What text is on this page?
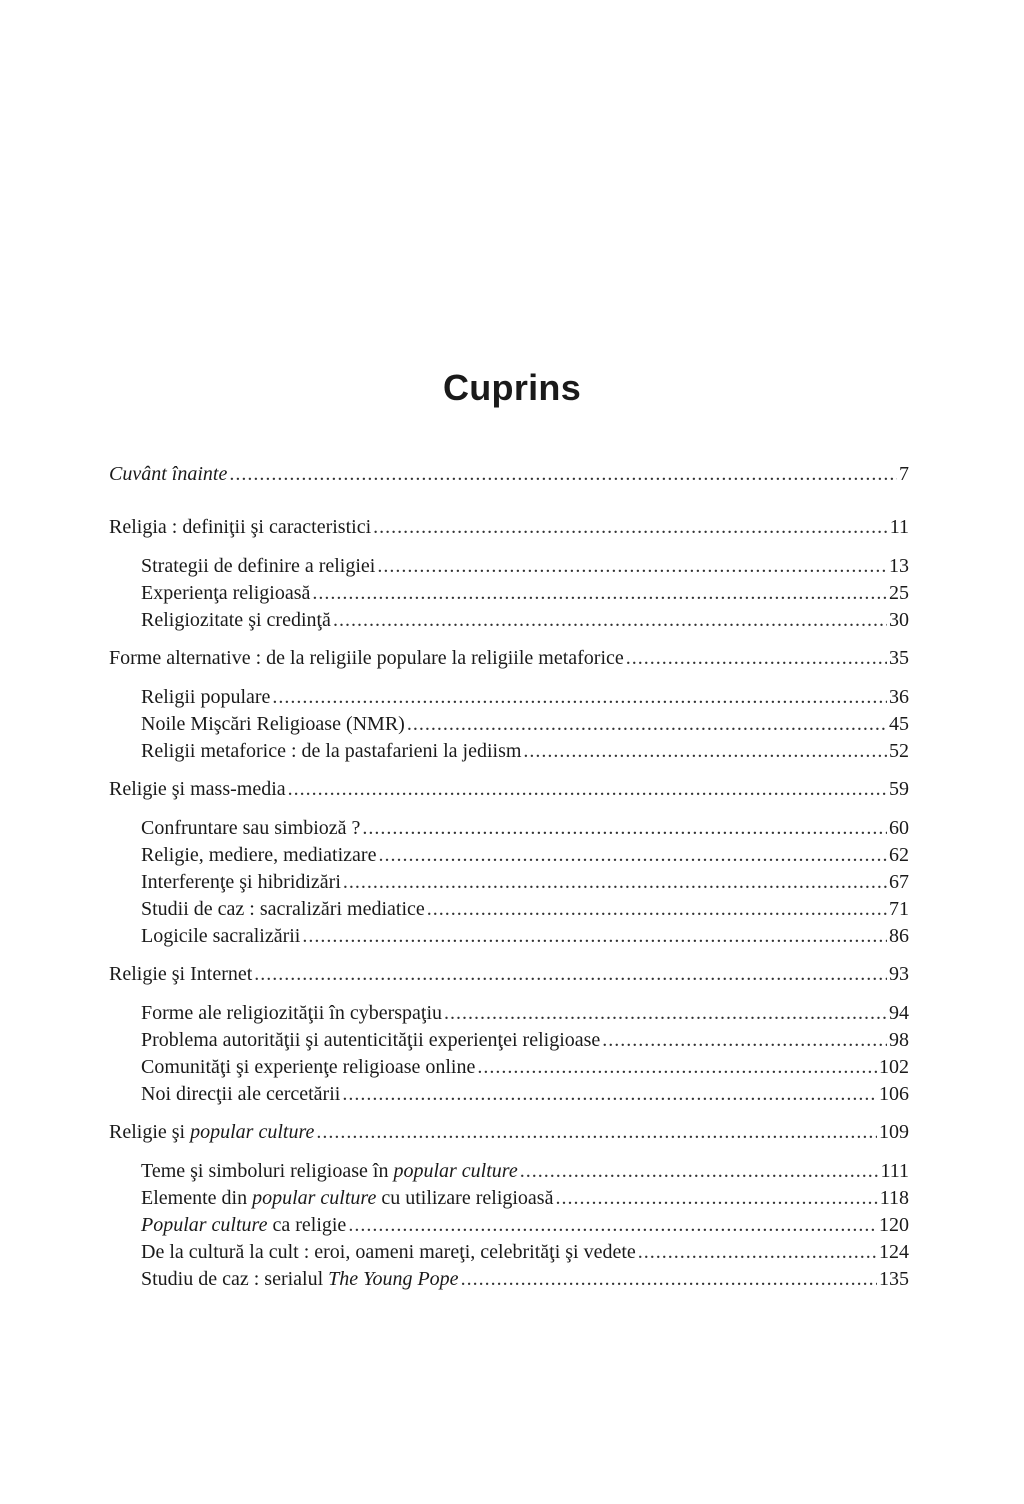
Cuprins
Cuvânt înainte .....	7
Religia : definiţii şi caracteristici .....	11
Strategii de definire a religiei .....	13
Experienţa religioasă .....	25
Religiozitate şi credinţă .....	30
Forme alternative : de la religiile populare la religiile metaforice .....	35
Religii populare .....	36
Noile Mişcări Religioase (NMR) .....	45
Religii metaforice : de la pastafarieni la jediism .....	52
Religie şi mass-media .....	59
Confruntare sau simbioză ? .....	60
Religie, mediere, mediatizare .....	62
Interferenţe şi hibridizări .....	67
Studii de caz : sacralizări mediatice .....	71
Logicile sacralizării .....	86
Religie şi Internet .....	93
Forme ale religiozităţii în cyberspaţiu .....	94
Problema autorităţii şi autenticităţii experienţei religioase .....	98
Comunităţi şi experienţe religioase online .....	102
Noi direcţii ale cercetării .....	106
Religie şi popular culture .....	109
Teme şi simboluri religioase în popular culture .....	111
Elemente din popular culture cu utilizare religioasă .....	118
Popular culture ca religie .....	120
De la cultură la cult : eroi, oameni mareţi, celebrităţi şi vedete .....	124
Studiu de caz : serialul The Young Pope .....	135
